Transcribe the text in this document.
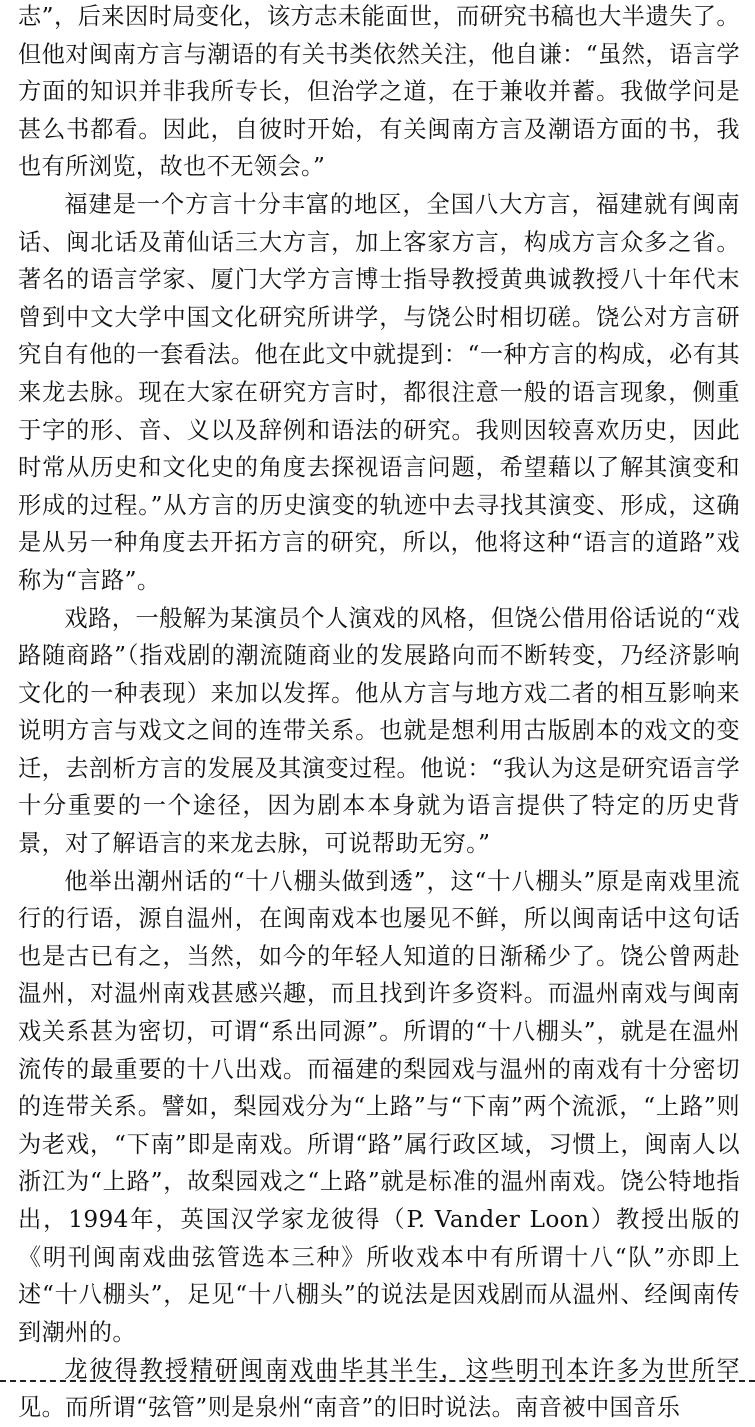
志”，后来因时局变化，该方志未能面世，而研究书稿也大半遗失了。但他对闽南方言与潮语的有关书类依然关注，他自谦：“虽然，语言学方面的知识并非我所专长，但治学之道，在于兼收并蓄。我做学问是甚么书都看。因此，自彼时开始，有关闽南方言及潮语方面的书，我也有所浏览，故也不无领会。”

福建是一个方言十分丰富的地区，全国八大方言，福建就有闽南话、闽北话及莆仙话三大方言，加上客家方言，构成方言众多之省。著名的语言学家、厦门大学方言博士指导教授黄典诚教授八十年代末曾到中文大学中国文化研究所讲学，与饶公时相切磋。饶公对方言研究自有他的一套看法。他在此文中就提到：“一种方言的构成，必有其来龙去脉。现在大家在研究方言时，都很注意一般的语言现象，侧重于字的形、音、义以及辞例和语法的研究。我则因较喜欢历史，因此时常从历史和文化史的角度去探视语言问题，希望藉以了解其演变和形成的过程。”从方言的历史演变的轨迹中去寻找其演变、形成，这确是从另一种角度去开拓方言的研究，所以，他将这种“语言的道路”戏称为“言路”。

戏路，一般解为某演员个人演戏的风格，但饶公借用俗话说的“戏路随商路”（指戏剧的潮流随商业的发展路向而不断转变，乃经济影响文化的一种表现）来加以发挥。他从方言与地方戏二者的相互影响来说明方言与戏文之间的连带关系。也就是想利用古版剧本的戏文的变迁，去剖析方言的发展及其演变过程。他说：“我认为这是研究语言学十分重要的一个途径，因为剧本本身就为语言提供了特定的历史背景，对了解语言的来龙去脉，可说帮助无穷。”

他举出潮州话的“十八棚头做到透”，这“十八棚头”原是南戏里流行的行语，源自温州，在闽南戏本也屡见不鲜，所以闽南话中这句话也是古已有之，当然，如今的年轻人知道的日渐稀少了。饶公曾两赴温州，对温州南戏甚感兴趣，而且找到许多资料。而温州南戏与闽南戏关系甚为密切，可谓“系出同源”。所谓的“十八棚头”，就是在温州流传的最重要的十八出戏。而福建的梨园戏与温州的南戏有十分密切的连带关系。譬如，梨园戏分为“上路”与“下南”两个流派，“上路”则为老戏，“下南”即是南戏。所谓“路”属行政区域，习惯上，闽南人以浙江为“上路”，故梨园戏之“上路”就是标准的温州南戏。饶公特地指出，1994年，英国汉学家龙彼得（P. Vander Loon）教授出版的《明刊闽南戏曲弦管选本三种》所收戏本中有所谓十八“队”亦即上述“十八棚头”，足见“十八棚头”的说法是因戏剧而从温州、经闽南传到潮州的。

龙彼得教授精研闽南戏曲毕其半生，这些明刊本许多为世所罕见。而所谓“弦管”则是泉州“南音”的旧时说法。南音被中国音乐
